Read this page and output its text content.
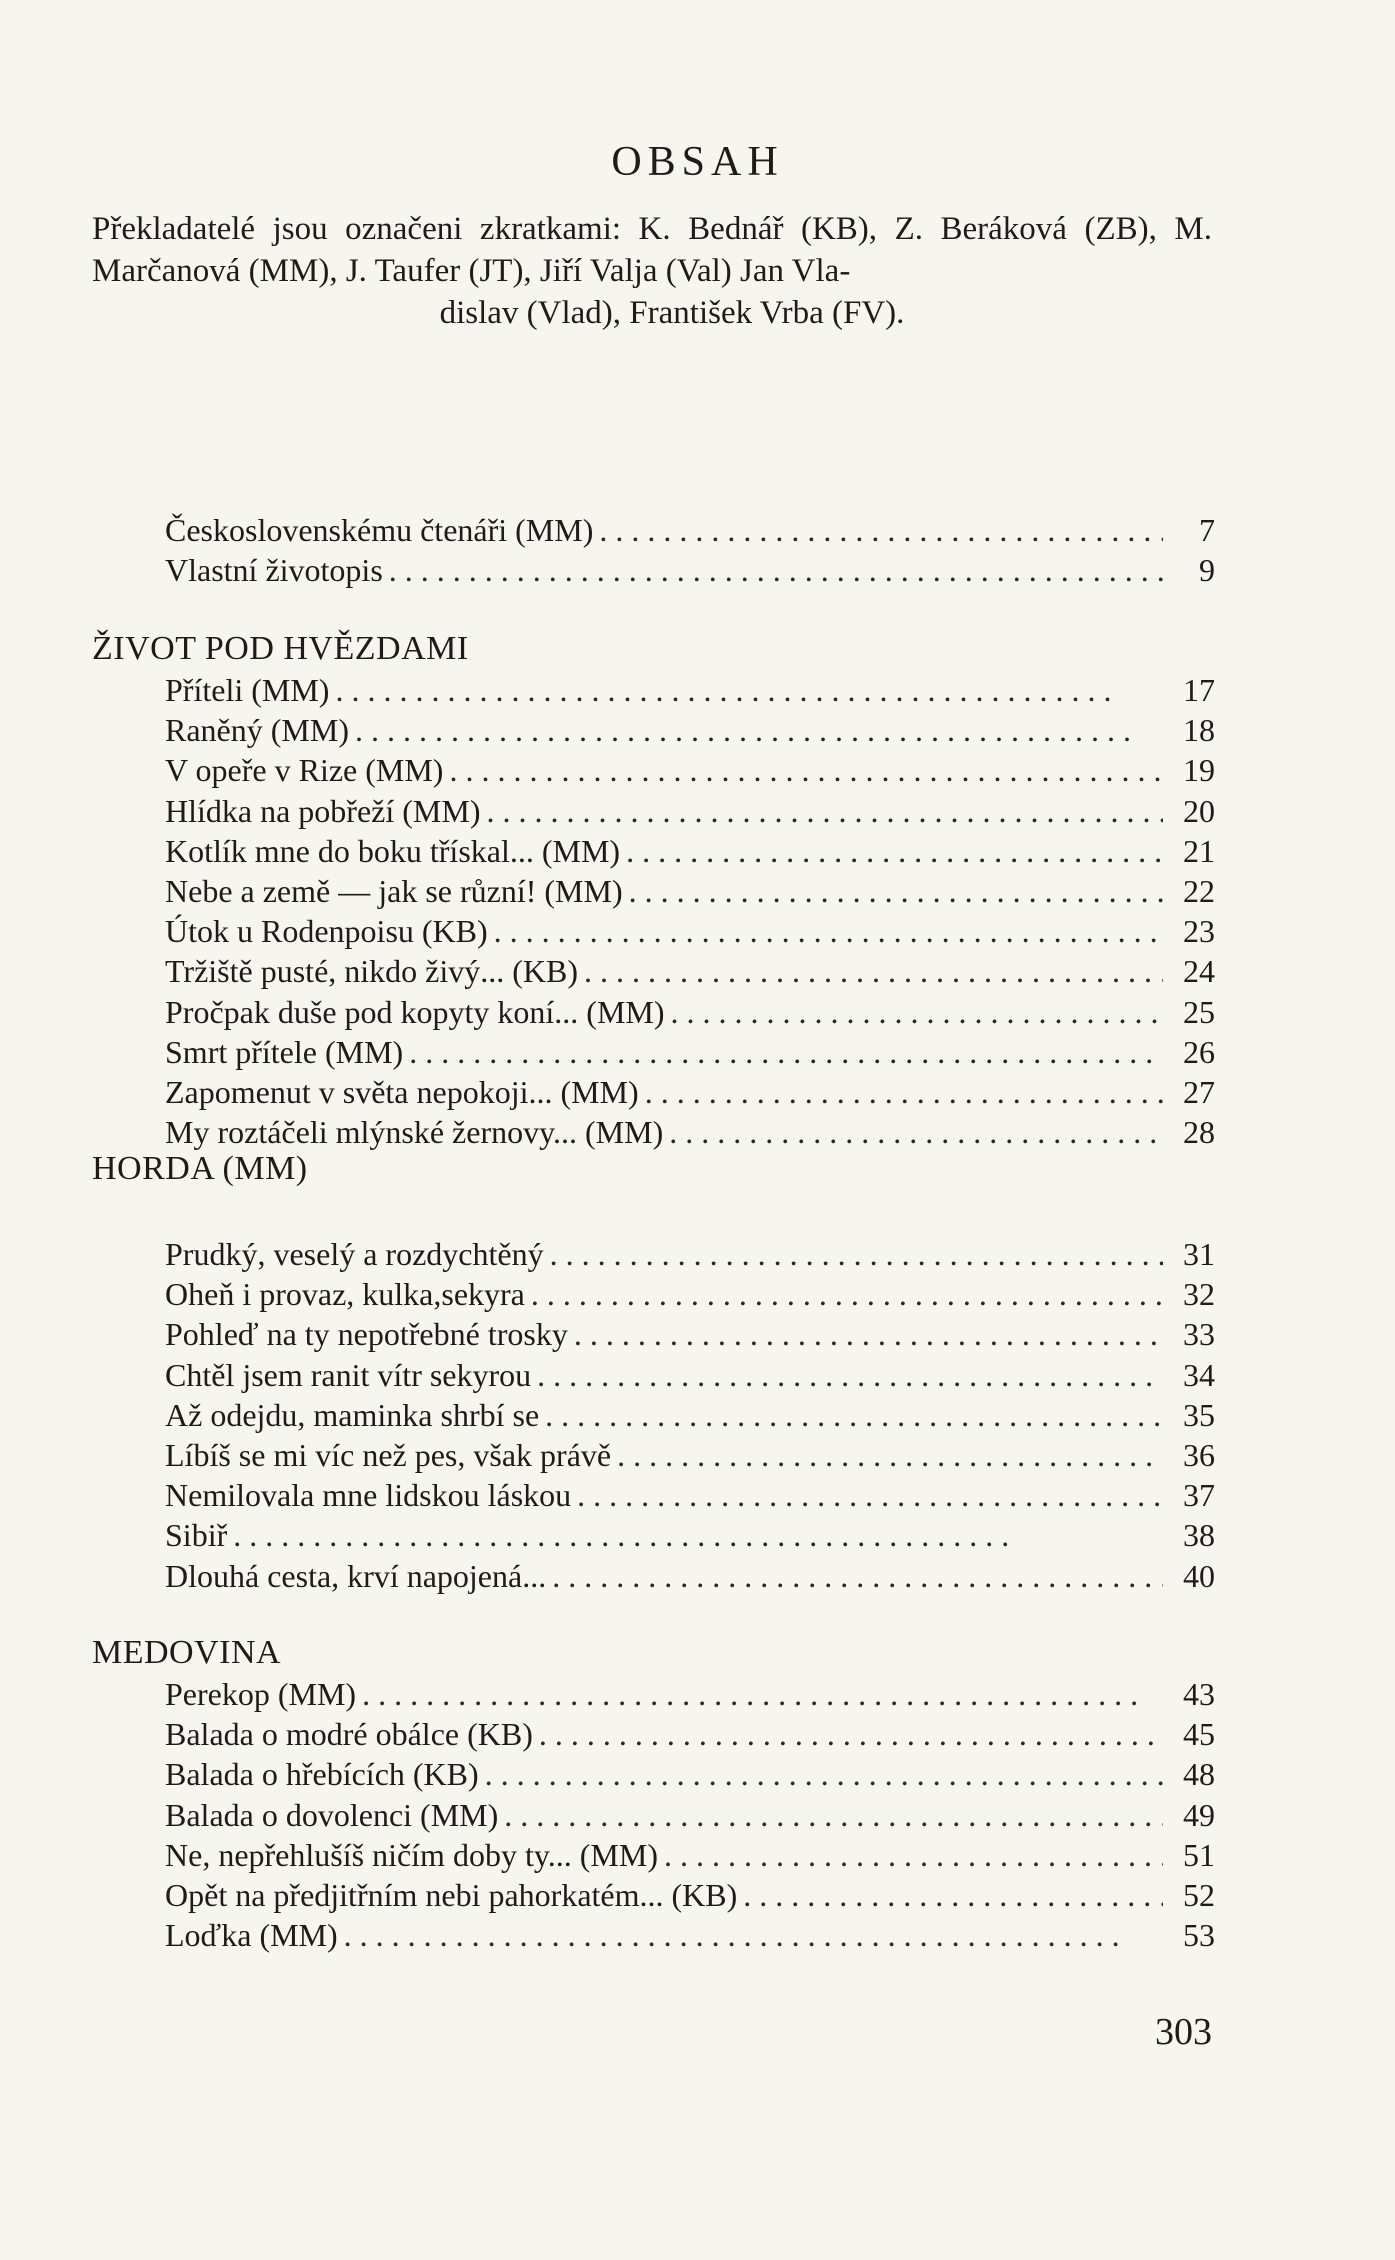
OBSAH
Překladatelé jsou označeni zkratkami: K. Bednář (KB), Z. Beráková (ZB), M. Marčanová (MM), J. Taufer (JT), Jiří Valja (Val) Jan Vla-
dislav (Vlad), František Vrba (FV).
Československému čtenáři (MM) . . .	7
Vlastní životopis . . .	9
ŽIVOT POD HVĚZDAMI
Příteli (MM) . . .	17
Raněný (MM) . . .	18
V opeře v Rize (MM) . . .	19
Hlídka na pobřeží (MM) . . .	20
Kotlík mne do boku třískal... (MM) . . .	21
Nebe a země — jak se různí! (MM) . . .	22
Útok u Rodenpoisu (KB) . . .	23
Tržiště pusté, nikdo živý... (KB) . . .	24
Pročpak duše pod kopyty koní... (MM) . . .	25
Smrt přítele (MM) . . .	26
Zapomenut v světa nepokoji... (MM) . . .	27
My roztáčeli mlýnské žernovy... (MM) . . .	28
HORDA (MM)
Prudký, veselý a rozdychtěný . . .	31
Oheň i provaz, kulka,sekyra . . .	32
Pohleď na ty nepotřebné trosky . . .	33
Chtěl jsem ranit vítr sekyrou . . .	34
Až odejdu, maminka shrbí se . . .	35
Líbíš se mi víc než pes, však právě . . .	36
Nemilovala mne lidskou láskou . . .	37
Sibiř . . .	38
Dlouhá cesta, krví napojená... . . .	40
MEDOVINA
Perekop (MM) . . .	43
Balada o modré obálce (KB) . . .	45
Balada o hřebících (KB) . . .	48
Balada o dovolenci (MM) . . .	49
Ne, nepřehlušíš ničím doby ty... (MM) . . .	51
Opět na předjitřním nebi pahorkatém... (KB) . . .	52
Loďka (MM) . . .	53
303
